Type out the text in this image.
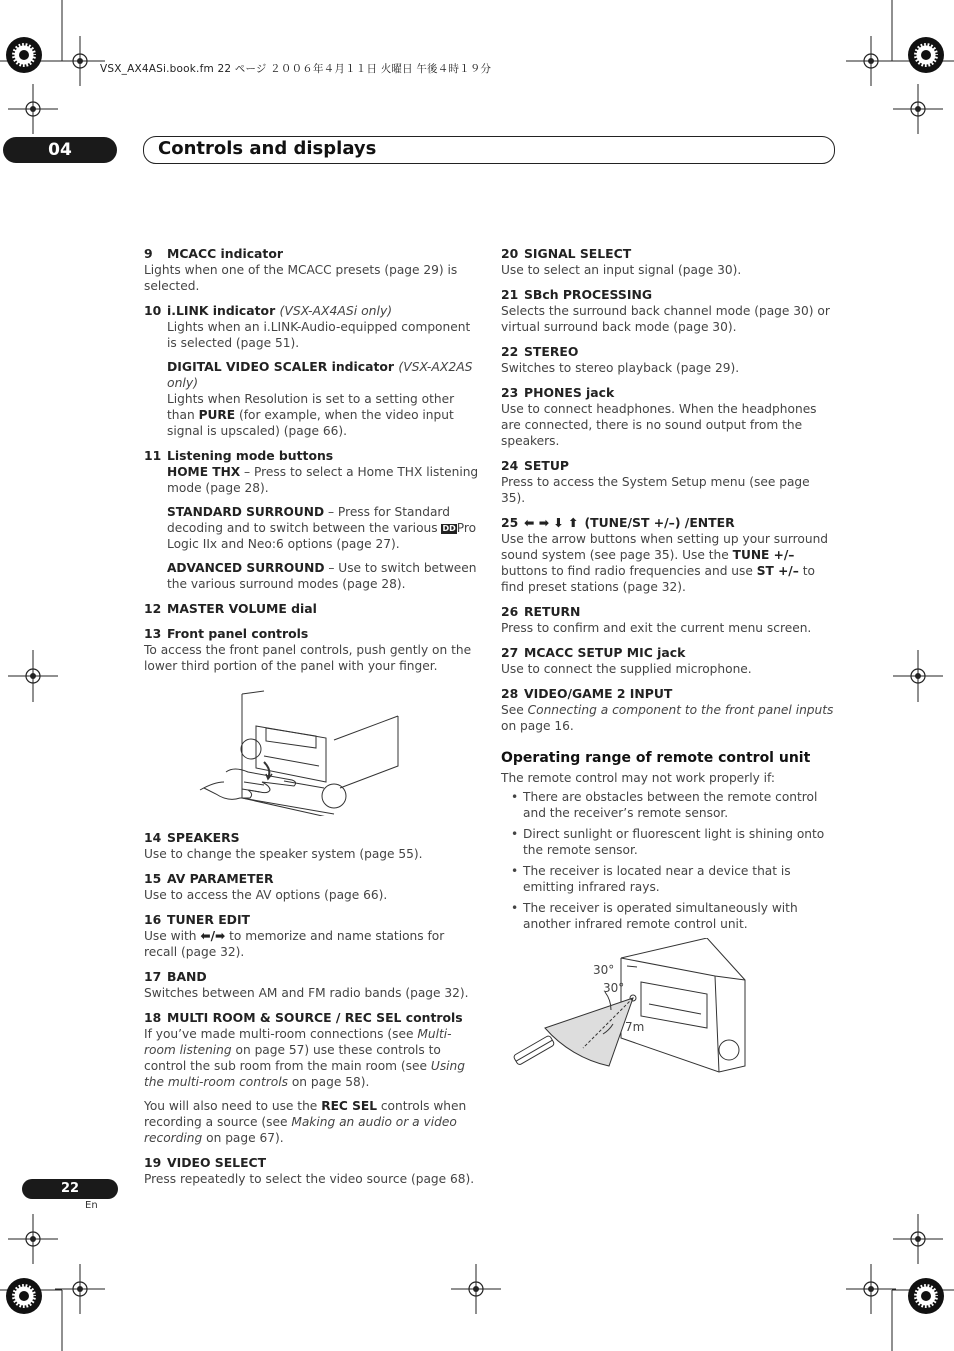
VSX_AX4ASi.book.fm 22 ページ ２００６年４月１１日 火曜日 午後４時１９分
04	Controls and displays
9 MCACC indicator
Lights when one of the MCACC presets (page 29) is selected.
10 i.LINK indicator (VSX-AX4ASi only)
Lights when an i.LINK-Audio-equipped component is selected (page 51).
DIGITAL VIDEO SCALER indicator (VSX-AX2AS only)
Lights when Resolution is set to a setting other than PURE (for example, when the video input signal is upscaled) (page 66).
11 Listening mode buttons
HOME THX – Press to select a Home THX listening mode (page 28).
STANDARD SURROUND – Press for Standard decoding and to switch between the various DDPro Logic IIx and Neo:6 options (page 27).
ADVANCED SURROUND – Use to switch between the various surround modes (page 28).
12 MASTER VOLUME dial
13 Front panel controls
To access the front panel controls, push gently on the lower third portion of the panel with your finger.
14 SPEAKERS
Use to change the speaker system (page 55).
15 AV PARAMETER
Use to access the AV options (page 66).
16 TUNER EDIT
Use with ⬅/➡ to memorize and name stations for recall (page 32).
17 BAND
Switches between AM and FM radio bands (page 32).
18 MULTI ROOM & SOURCE / REC SEL controls
If you’ve made multi-room connections (see Multi-room listening on page 57) use these controls to control the sub room from the main room (see Using the multi-room controls on page 58).
You will also need to use the REC SEL controls when recording a source (see Making an audio or a video recording on page 67).
19 VIDEO SELECT
Press repeatedly to select the video source (page 68).
20 SIGNAL SELECT
Use to select an input signal (page 30).
21 SBch PROCESSING
Selects the surround back channel mode (page 30) or virtual surround back mode (page 30).
22 STEREO
Switches to stereo playback (page 29).
23 PHONES jack
Use to connect headphones. When the headphones are connected, there is no sound output from the speakers.
24 SETUP
Press to access the System Setup menu (see page 35).
25 ⬅ ➡ ⬇ ⬆ (TUNE/ST +/–) /ENTER
Use the arrow buttons when setting up your surround sound system (see page 35). Use the TUNE +/– buttons to find radio frequencies and use ST +/– to find preset stations (page 32).
26 RETURN
Press to confirm and exit the current menu screen.
27 MCACC SETUP MIC jack
Use to connect the supplied microphone.
28 VIDEO/GAME 2 INPUT
See Connecting a component to the front panel inputs on page 16.
Operating range of remote control unit
The remote control may not work properly if:
• There are obstacles between the remote control and the receiver’s remote sensor.
• Direct sunlight or fluorescent light is shining onto the remote sensor.
• The receiver is located near a device that is emitting infrared rays.
• The receiver is operated simultaneously with another infrared remote control unit.
30°
30°
7m
22
En
